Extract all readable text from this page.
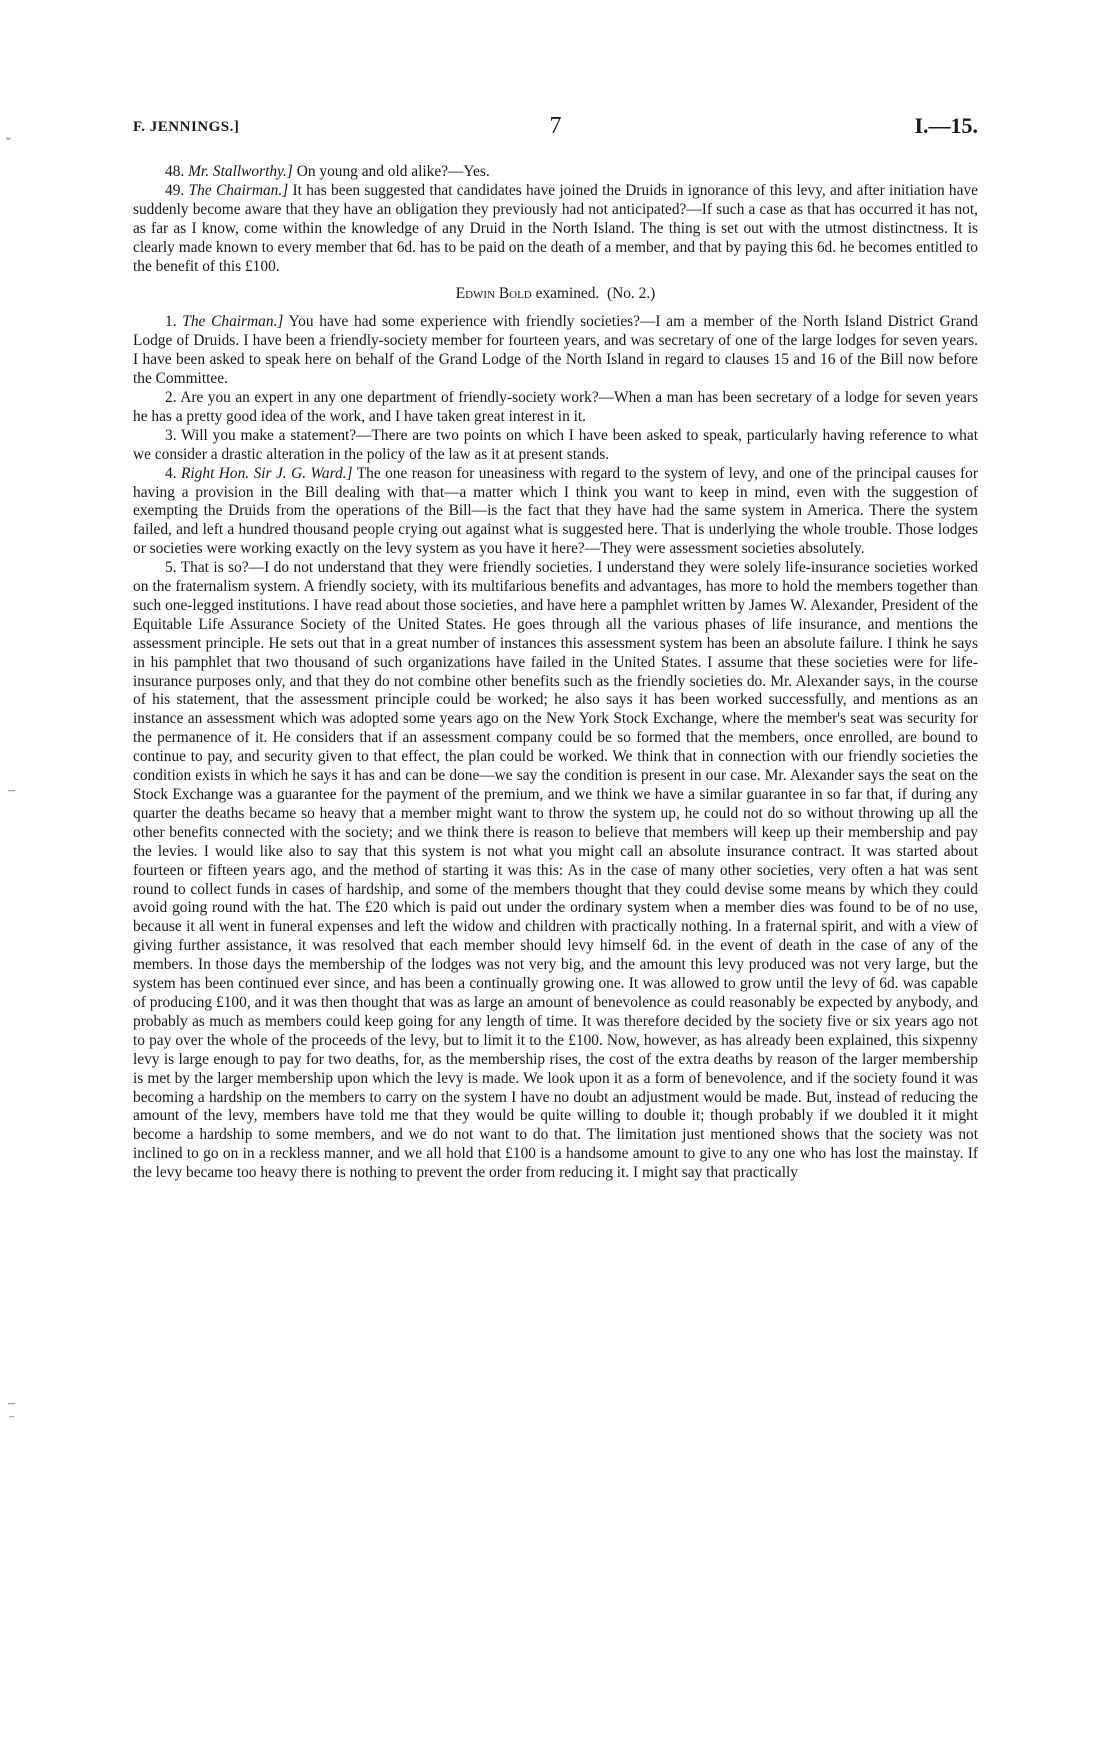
F. JENNINGS.]	7	I.—15.
ˇ
–
–
⁻

48. Mr. Stallworthy.] On young and old alike?—Yes.

49. The Chairman.] It has been suggested that candidates have joined the Druids in ignorance of this levy, and after initiation have suddenly become aware that they have an obligation they previously had not anticipated?—If such a case as that has occurred it has not, as far as I know, come within the knowledge of any Druid in the North Island. The thing is set out with the utmost distinctness. It is clearly made known to every member that 6d. has to be paid on the death of a member, and that by paying this 6d. he becomes entitled to the benefit of this £100.

Edwin Bold examined. (No. 2.)

1. The Chairman.] You have had some experience with friendly societies?—I am a member of the North Island District Grand Lodge of Druids. I have been a friendly-society member for fourteen years, and was secretary of one of the large lodges for seven years. I have been asked to speak here on behalf of the Grand Lodge of the North Island in regard to clauses 15 and 16 of the Bill now before the Committee.

2. Are you an expert in any one department of friendly-society work?—When a man has been secretary of a lodge for seven years he has a pretty good idea of the work, and I have taken great interest in it.

3. Will you make a statement?—There are two points on which I have been asked to speak, particularly having reference to what we consider a drastic alteration in the policy of the law as it at present stands.

4. Right Hon. Sir J. G. Ward.] The one reason for uneasiness with regard to the system of levy, and one of the principal causes for having a provision in the Bill dealing with that—a matter which I think you want to keep in mind, even with the suggestion of exempting the Druids from the operations of the Bill—is the fact that they have had the same system in America. There the system failed, and left a hundred thousand people crying out against what is suggested here. That is underlying the whole trouble. Those lodges or societies were working exactly on the levy system as you have it here?—They were assessment societies absolutely.

5. That is so?—I do not understand that they were friendly societies. I understand they were solely life-insurance societies worked on the fraternalism system. A friendly society, with its multifarious benefits and advantages, has more to hold the members together than such one-legged institutions. I have read about those societies, and have here a pamphlet written by James W. Alexander, President of the Equitable Life Assurance Society of the United States. He goes through all the various phases of life insurance, and mentions the assessment principle. He sets out that in a great number of instances this assessment system has been an absolute failure. I think he says in his pamphlet that two thousand of such organizations have failed in the United States. I assume that these societies were for life-insurance purposes only, and that they do not combine other benefits such as the friendly societies do. Mr. Alexander says, in the course of his statement, that the assessment principle could be worked; he also says it has been worked successfully, and mentions as an instance an assessment which was adopted some years ago on the New York Stock Exchange, where the member's seat was security for the permanence of it. He considers that if an assessment company could be so formed that the members, once enrolled, are bound to continue to pay, and security given to that effect, the plan could be worked. We think that in connection with our friendly societies the condition exists in which he says it has and can be done—we say the condition is present in our case. Mr. Alexander says the seat on the Stock Exchange was a guarantee for the payment of the premium, and we think we have a similar guarantee in so far that, if during any quarter the deaths became so heavy that a member might want to throw the system up, he could not do so without throwing up all the other benefits connected with the society; and we think there is reason to believe that members will keep up their membership and pay the levies. I would like also to say that this system is not what you might call an absolute insurance contract. It was started about fourteen or fifteen years ago, and the method of starting it was this: As in the case of many other societies, very often a hat was sent round to collect funds in cases of hardship, and some of the members thought that they could devise some means by which they could avoid going round with the hat. The £20 which is paid out under the ordinary system when a member dies was found to be of no use, because it all went in funeral expenses and left the widow and children with practically nothing. In a fraternal spirit, and with a view of giving further assistance, it was resolved that each member should levy himself 6d. in the event of death in the case of any of the members. In those days the membership of the lodges was not very big, and the amount this levy produced was not very large, but the system has been continued ever since, and has been a continually growing one. It was allowed to grow until the levy of 6d. was capable of producing £100, and it was then thought that was as large an amount of benevolence as could reasonably be expected by anybody, and probably as much as members could keep going for any length of time. It was therefore decided by the society five or six years ago not to pay over the whole of the proceeds of the levy, but to limit it to the £100. Now, however, as has already been explained, this sixpenny levy is large enough to pay for two deaths, for, as the membership rises, the cost of the extra deaths by reason of the larger membership is met by the larger membership upon which the levy is made. We look upon it as a form of benevolence, and if the society found it was becoming a hardship on the members to carry on the system I have no doubt an adjustment would be made. But, instead of reducing the amount of the levy, members have told me that they would be quite willing to double it; though probably if we doubled it it might become a hardship to some members, and we do not want to do that. The limitation just mentioned shows that the society was not inclined to go on in a reckless manner, and we all hold that £100 is a handsome amount to give to any one who has lost the mainstay. If the levy became too heavy there is nothing to prevent the order from reducing it. I might say that practically
